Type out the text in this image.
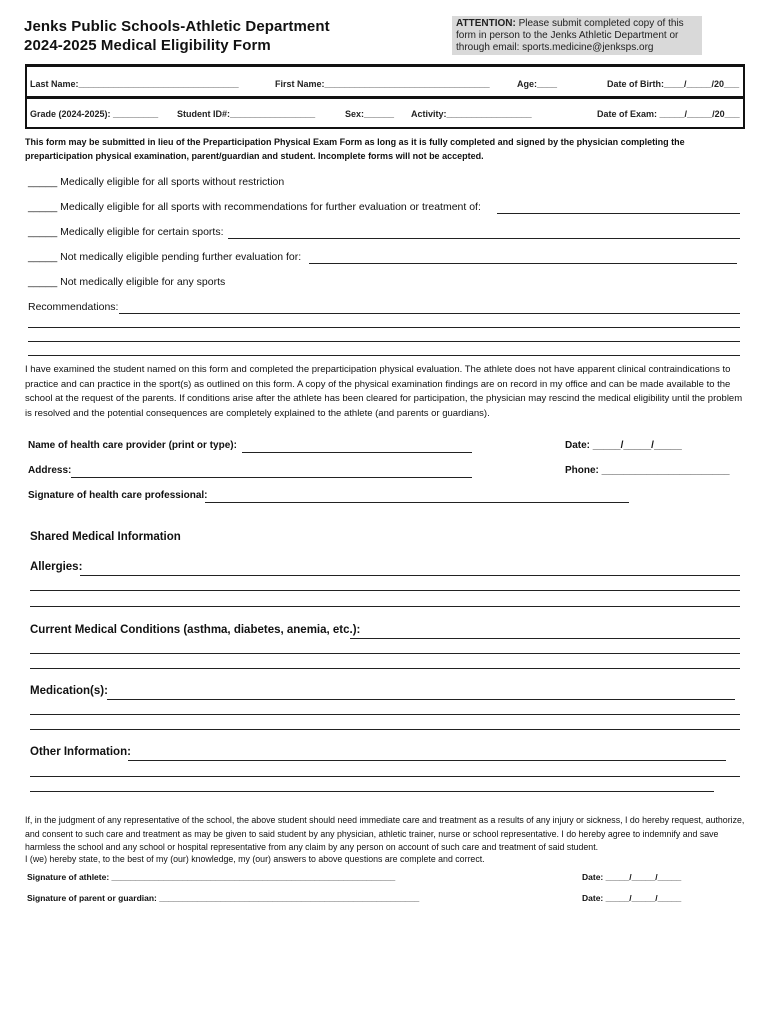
Jenks Public Schools-Athletic Department
2024-2025 Medical Eligibility Form
ATTENTION: Please submit completed copy of this form in person to the Jenks Athletic Department or through email: sports.medicine@jenksps.org
Last Name:________________________________	First Name:_________________________________	Age:____	Date of Birth:____/_____/20___
Grade (2024-2025): _________ Student ID#:_________________	Sex:______ Activity:_________________	Date of Exam: _____/_____/20___
This form may be submitted in lieu of the Preparticipation Physical Exam Form as long as it is fully completed and signed by the physician completing the preparticipation physical examination, parent/guardian and student. Incomplete forms will not be accepted.
_____ Medically eligible for all sports without restriction
_____ Medically eligible for all sports with recommendations for further evaluation or treatment of:
_____ Medically eligible for certain sports:
_____ Not medically eligible pending further evaluation for:
_____ Not medically eligible for any sports
Recommendations:
I have examined the student named on this form and completed the preparticipation physical evaluation. The athlete does not have apparent clinical contraindications to practice and can practice in the sport(s) as outlined on this form. A copy of the physical examination findings are on record in my office and can be made available to the school at the request of the parents. If conditions arise after the athlete has been cleared for participation, the physician may rescind the medical eligibility until the problem is resolved and the potential consequences are completely explained to the athlete (and parents or guardians).
Name of health care provider (print or type):	Date: _____/_____/_____
Address:	Phone: _______________________
Signature of health care professional:
Shared Medical Information
Allergies:
Current Medical Conditions (asthma, diabetes, anemia, etc.):
Medication(s):
Other Information:
If, in the judgment of any representative of the school, the above student should need immediate care and treatment as a results of any injury or sickness, I do hereby request, authorize, and consent to such care and treatment as may be given to said student by any physician, athletic trainer, nurse or school representative. I do hereby agree to indemnify and save harmless the school and any school or hospital representative from any claim by any person on account of such care and treatment of said student.
I (we) hereby state, to the best of my (our) knowledge, my (our) answers to above questions are complete and correct.
Signature of athlete: ____________________________________________________________	Date: _____/_____/_____
Signature of parent or guardian: _______________________________________________________	Date: _____/_____/_____
